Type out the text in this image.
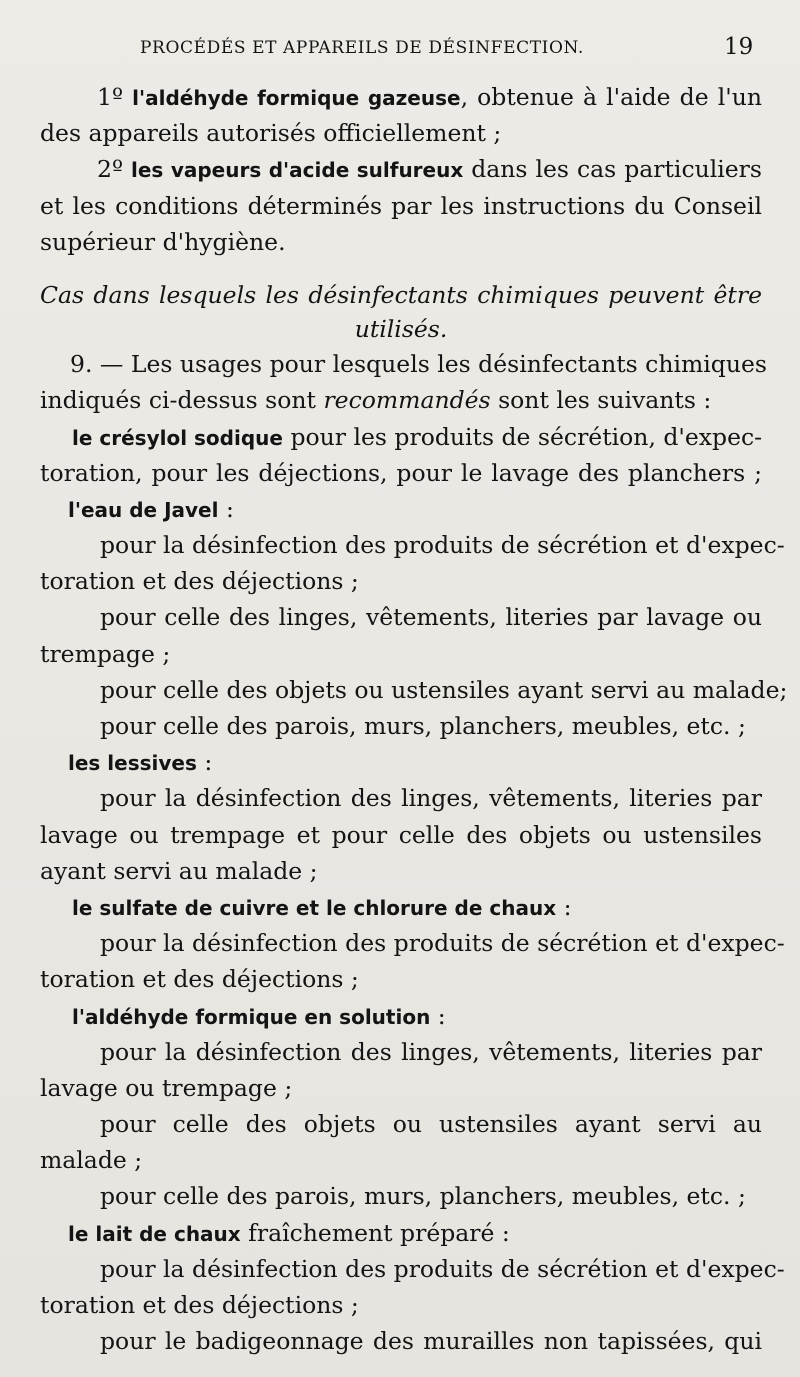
PROCÉDÉS ET APPAREILS DE DÉSINFECTION.	19
1º l'aldéhyde formique gazeuse, obtenue à l'aide de l'un
des appareils autorisés officiellement ;
2º les vapeurs d'acide sulfureux dans les cas particuliers
et les conditions déterminés par les instructions du Conseil
supérieur d'hygiène.
Cas dans lesquels les désinfectants chimiques peuvent être
utilisés.
9. — Les usages pour lesquels les désinfectants chimiques
indiqués ci-dessus sont recommandés sont les suivants :
le crésylol sodique pour les produits de sécrétion, d'expec-
toration, pour les déjections, pour le lavage des planchers ;
l'eau de Javel :
pour la désinfection des produits de sécrétion et d'expec-
toration et des déjections ;
pour celle des linges, vêtements, literies par lavage ou
trempage ;
pour celle des objets ou ustensiles ayant servi au malade;
pour celle des parois, murs, planchers, meubles, etc. ;
les lessives :
pour la désinfection des linges, vêtements, literies par
lavage ou trempage et pour celle des objets ou ustensiles
ayant servi au malade ;
le sulfate de cuivre et le chlorure de chaux :
pour la désinfection des produits de sécrétion et d'expec-
toration et des déjections ;
l'aldéhyde formique en solution :
pour la désinfection des linges, vêtements, literies par
lavage ou trempage ;
pour celle des objets ou ustensiles ayant servi au
malade ;
pour celle des parois, murs, planchers, meubles, etc. ;
le lait de chaux fraîchement préparé :
pour la désinfection des produits de sécrétion et d'expec-
toration et des déjections ;
pour le badigeonnage des murailles non tapissées, qui
